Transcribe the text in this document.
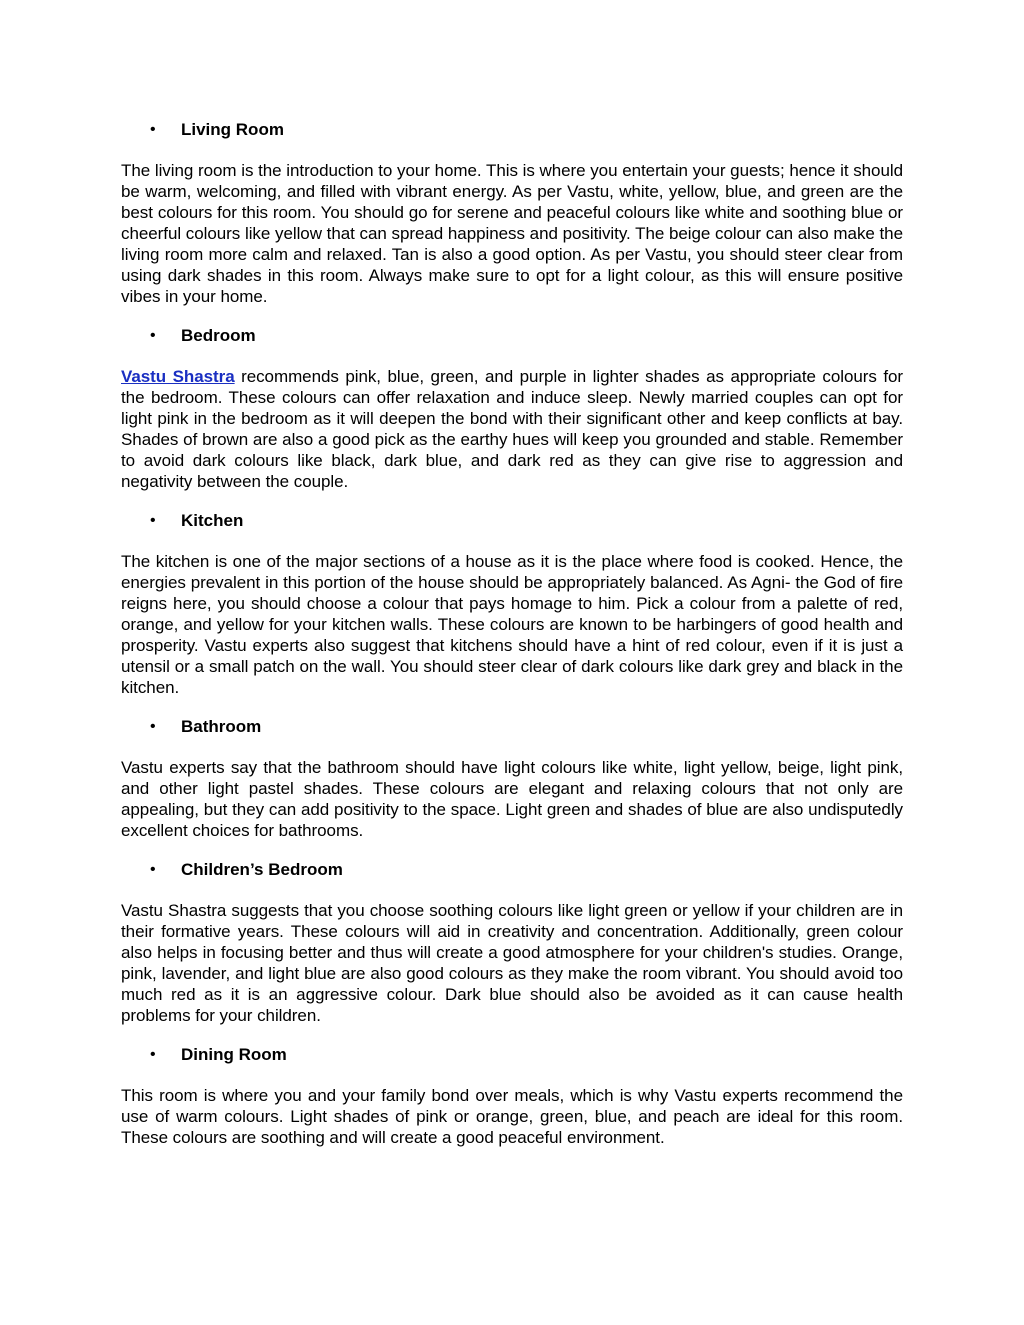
• Living Room

The living room is the introduction to your home. This is where you entertain your guests; hence it should be warm, welcoming, and filled with vibrant energy. As per Vastu, white, yellow, blue, and green are the best colours for this room. You should go for serene and peaceful colours like white and soothing blue or cheerful colours like yellow that can spread happiness and positivity. The beige colour can also make the living room more calm and relaxed. Tan is also a good option. As per Vastu, you should steer clear from using dark shades in this room. Always make sure to opt for a light colour, as this will ensure positive vibes in your home.

• Bedroom

Vastu Shastra recommends pink, blue, green, and purple in lighter shades as appropriate colours for the bedroom. These colours can offer relaxation and induce sleep. Newly married couples can opt for light pink in the bedroom as it will deepen the bond with their significant other and keep conflicts at bay. Shades of brown are also a good pick as the earthy hues will keep you grounded and stable. Remember to avoid dark colours like black, dark blue, and dark red as they can give rise to aggression and negativity between the couple.

• Kitchen

The kitchen is one of the major sections of a house as it is the place where food is cooked. Hence, the energies prevalent in this portion of the house should be appropriately balanced. As Agni- the God of fire reigns here, you should choose a colour that pays homage to him. Pick a colour from a palette of red, orange, and yellow for your kitchen walls. These colours are known to be harbingers of good health and prosperity. Vastu experts also suggest that kitchens should have a hint of red colour, even if it is just a utensil or a small patch on the wall. You should steer clear of dark colours like dark grey and black in the kitchen.

• Bathroom

Vastu experts say that the bathroom should have light colours like white, light yellow, beige, light pink, and other light pastel shades. These colours are elegant and relaxing colours that not only are appealing, but they can add positivity to the space. Light green and shades of blue are also undisputedly excellent choices for bathrooms.

• Children’s Bedroom

Vastu Shastra suggests that you choose soothing colours like light green or yellow if your children are in their formative years. These colours will aid in creativity and concentration. Additionally, green colour also helps in focusing better and thus will create a good atmosphere for your children's studies. Orange, pink, lavender, and light blue are also good colours as they make the room vibrant. You should avoid too much red as it is an aggressive colour. Dark blue should also be avoided as it can cause health problems for your children.

• Dining Room

This room is where you and your family bond over meals, which is why Vastu experts recommend the use of warm colours. Light shades of pink or orange, green, blue, and peach are ideal for this room. These colours are soothing and will create a good peaceful environment.
